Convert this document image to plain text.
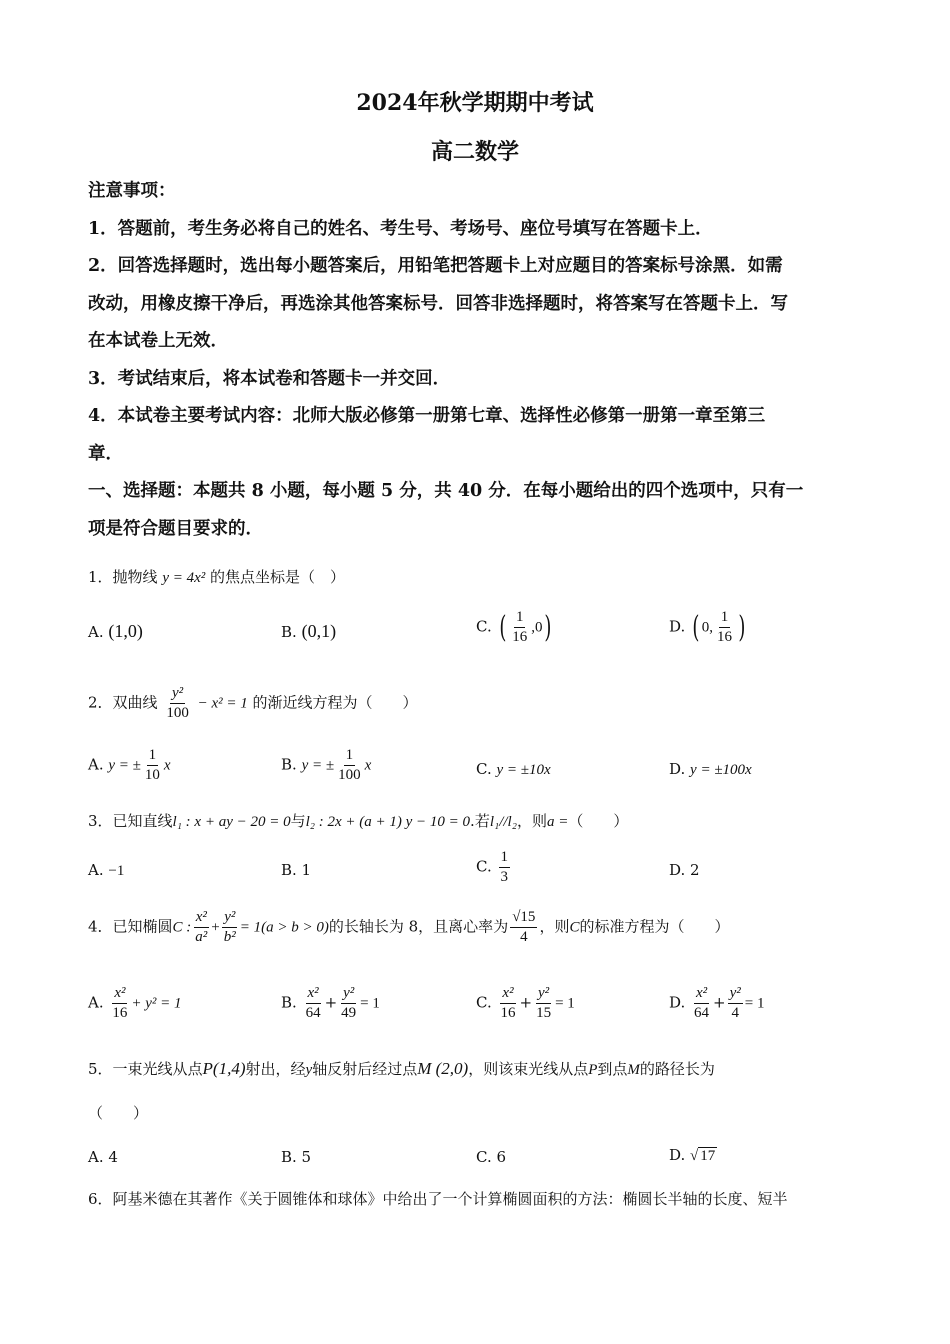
2024年秋学期期中考试
高二数学
注意事项：
1．答题前，考生务必将自己的姓名、考生号、考场号、座位号填写在答题卡上．
2．回答选择题时，选出每小题答案后，用铅笔把答题卡上对应题目的答案标号涂黑．如需
改动，用橡皮擦干净后，再选涂其他答案标号．回答非选择题时，将答案写在答题卡上．写
在本试卷上无效．
3．考试结束后，将本试卷和答题卡一并交回．
4．本试卷主要考试内容：北师大版必修第一册第七章、选择性必修第一册第一章至第三
章．
一、选择题：本题共 8 小题，每小题 5 分，共 40 分．在每小题给出的四个选项中，只有一
项是符合题目要求的．
1．抛物线 y = 4x² 的焦点坐标是（　）
A. (1,0)	B. (0,1)	C. ( $\frac{1}{16} ,0$)	D. ( 0, $\frac{1}{16}$ )
2．双曲线 $\frac{\text{y²}}{100} - x^2 = 1$ 的渐近线方程为（　　）
A. y = ± $\frac{1}{10}$ x	B. y = ± $\frac{1}{100}$ x	C. y = ±10x	D. y = ±100x
3．已知直线l₁ : x + ay − 20 = 0与l₂ : 2x + (a + 1) y − 10 = 0.若l₁//l₂，则a =（　　）
A. −1	B. 1	C. $\frac{1}{3}$	D. 2
4．已知椭圆C : $\frac{\text{x²}}{\text{a²}} + \frac{\text{y²}}{\text{b²}} = 1(a > b > 0)$的长轴长为 8，且离心率为 $\frac{√15}{4}$ ，则C的标准方程为（　　）
A. $\frac{\text{x²}}{16} + y^2 = 1$	B. $\frac{\text{x²}}{64} + \frac{\text{y²}}{49} = 1$	C. $\frac{\text{x²}}{16} + \frac{\text{y²}}{15} = 1$	D. $\frac{\text{x²}}{64} + \frac{\text{y²}}{4} = 1$
5．一束光线从点P(1,4)射出，经y轴反射后经过点M (2,0)，则该束光线从点P到点M的路径长为
（　　）
A. 4	B. 5	C. 6	D. √ 17
6．阿基米德在其著作《关于圆锥体和球体》中给出了一个计算椭圆面积的方法：椭圆长半轴的长度、短半
